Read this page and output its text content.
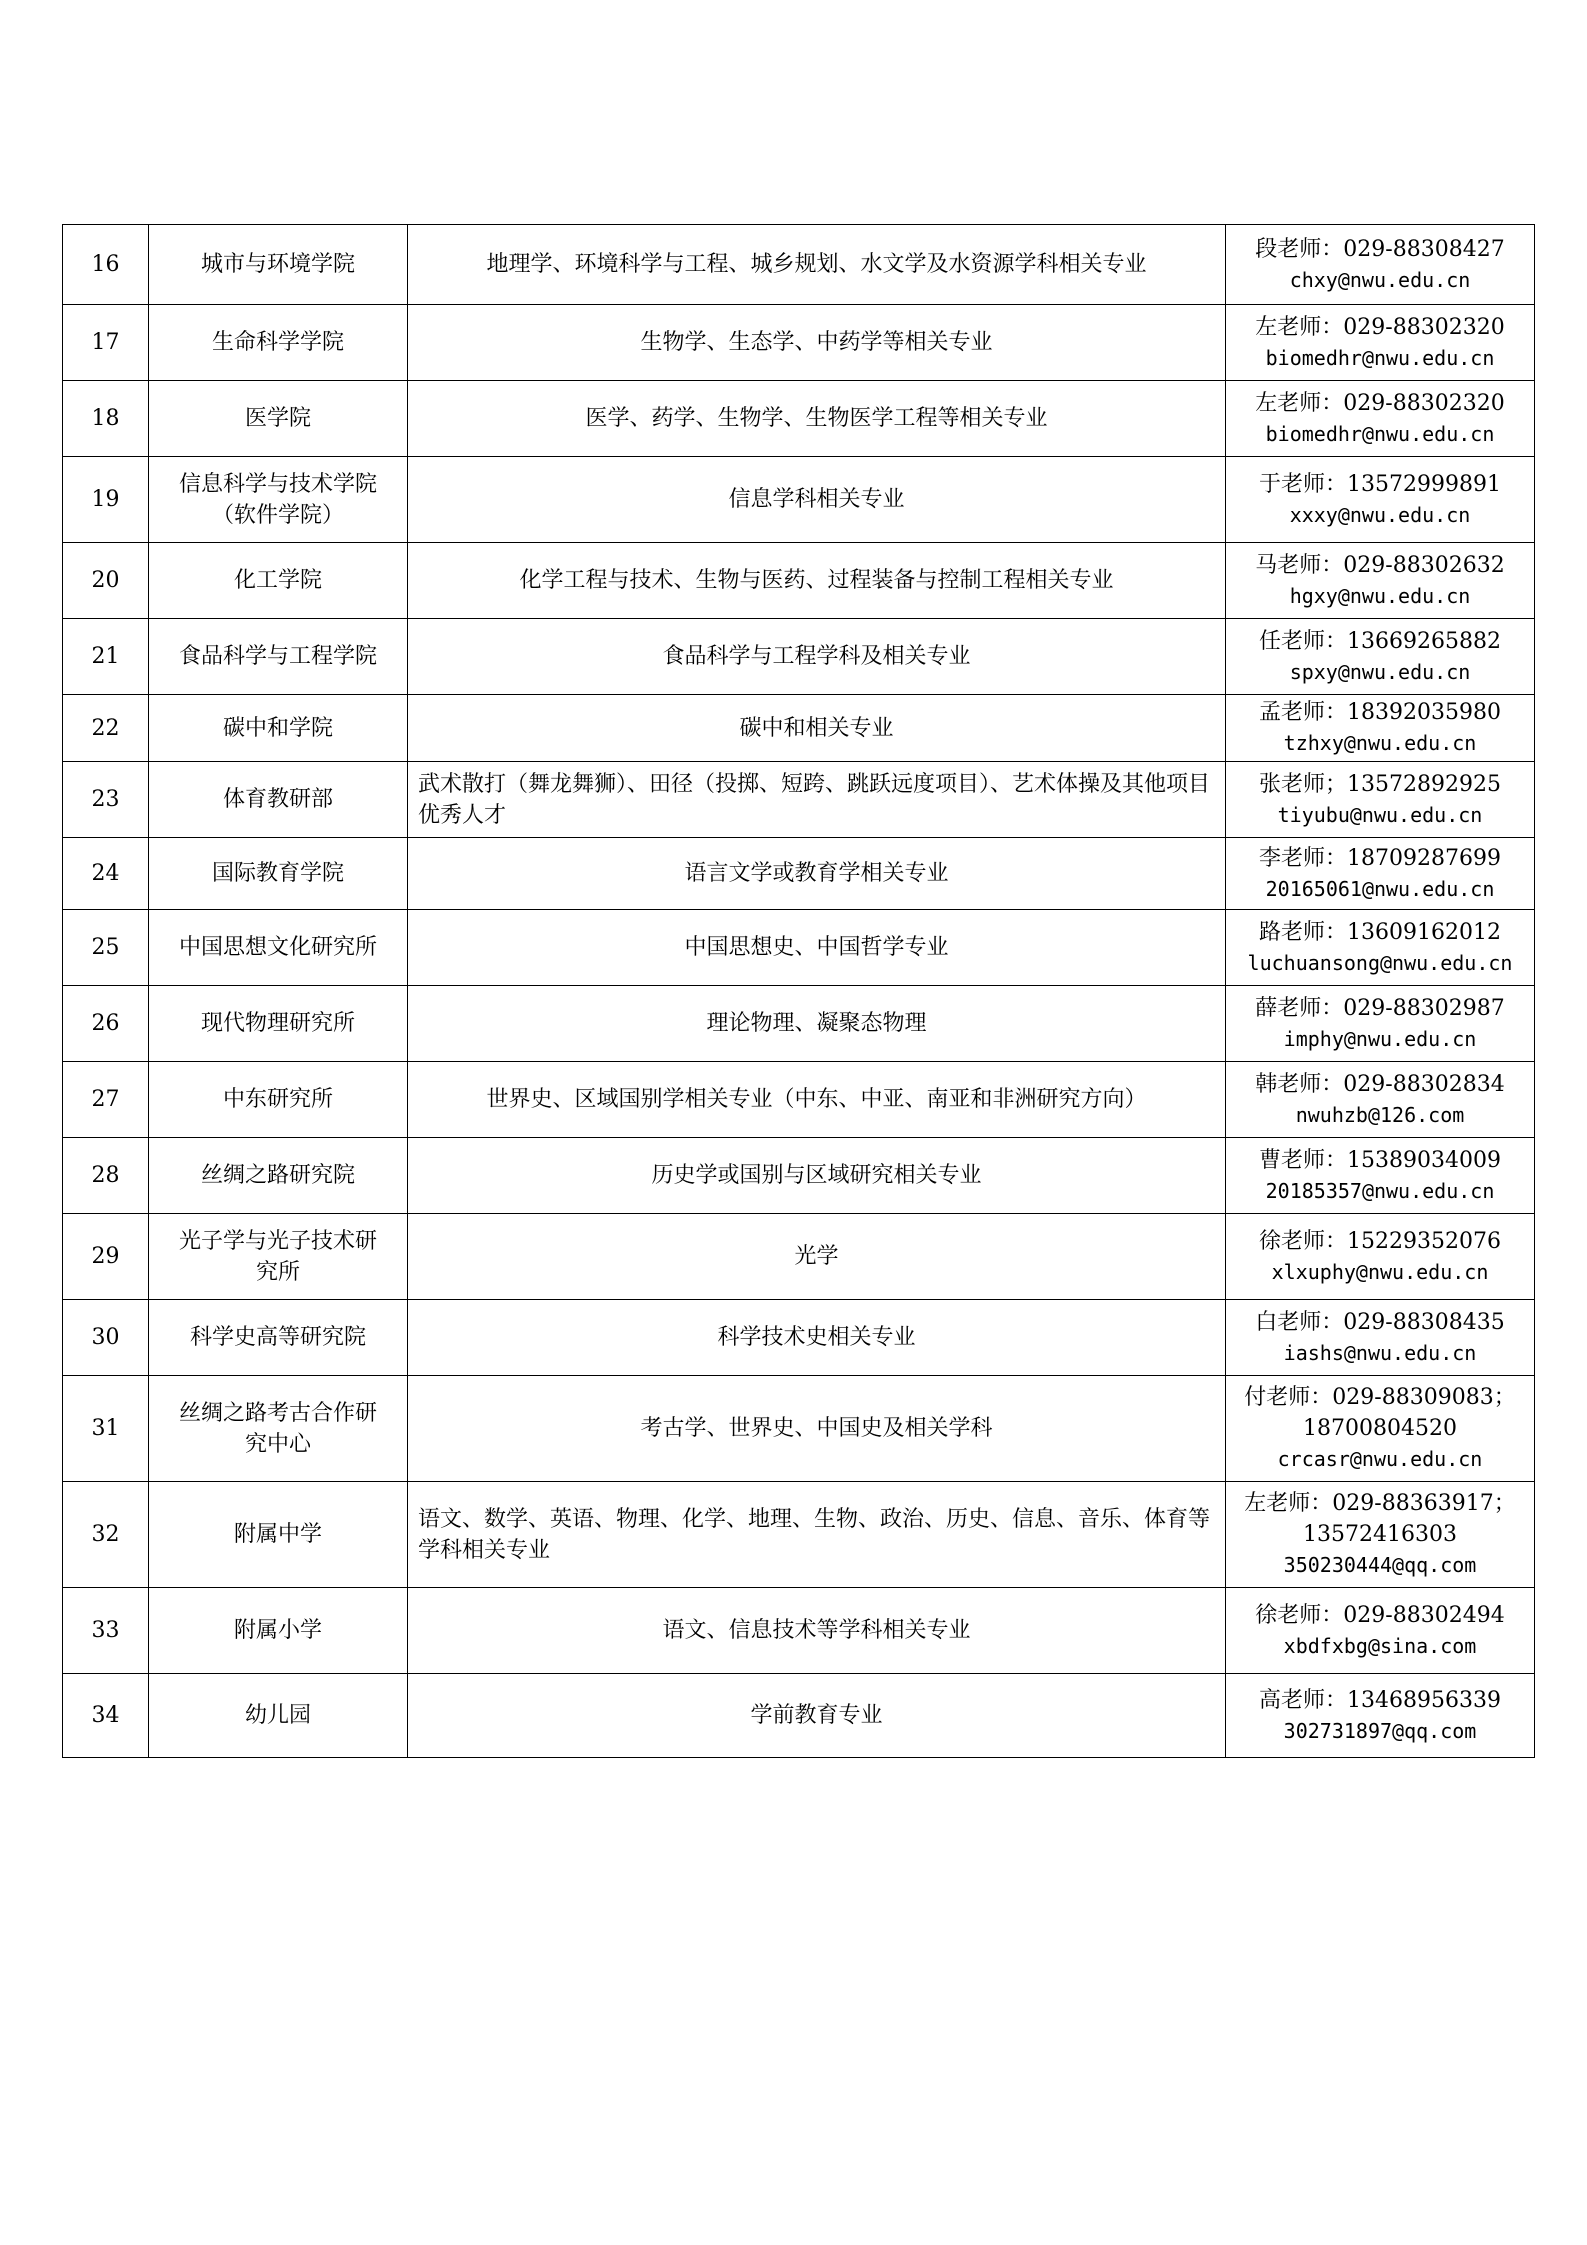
16	城市与环境学院	地理学、环境科学与工程、城乡规划、水文学及水资源学科相关专业	段老师：029-88308427
chxy@nwu.edu.cn

17	生命科学学院	生物学、生态学、中药学等相关专业	左老师：029-88302320
biomedhr@nwu.edu.cn

18	医学院	医学、药学、生物学、生物医学工程等相关专业	左老师：029-88302320
biomedhr@nwu.edu.cn

19	信息科学与技术学院
（软件学院）	信息学科相关专业	于老师：13572999891
xxxy@nwu.edu.cn

20	化工学院	化学工程与技术、生物与医药、过程装备与控制工程相关专业	马老师：029-88302632
hgxy@nwu.edu.cn

21	食品科学与工程学院	食品科学与工程学科及相关专业	任老师：13669265882
spxy@nwu.edu.cn

22	碳中和学院	碳中和相关专业	孟老师：18392035980
tzhxy@nwu.edu.cn

23	体育教研部	武术散打（舞龙舞狮）、田径（投掷、短跨、跳跃远度项目）、艺术体操及其他项目优秀人才	张老师；13572892925
tiyubu@nwu.edu.cn

24	国际教育学院	语言文学或教育学相关专业	李老师：18709287699
20165061@nwu.edu.cn

25	中国思想文化研究所	中国思想史、中国哲学专业	路老师：13609162012
luchuansong@nwu.edu.cn

26	现代物理研究所	理论物理、凝聚态物理	薛老师：029-88302987
imphy@nwu.edu.cn

27	中东研究所	世界史、区域国别学相关专业（中东、中亚、南亚和非洲研究方向）	韩老师：029-88302834
nwuhzb@126.com

28	丝绸之路研究院	历史学或国别与区域研究相关专业	曹老师：15389034009
20185357@nwu.edu.cn

29	光子学与光子技术研
究所	光学	徐老师：15229352076
xlxuphy@nwu.edu.cn

30	科学史高等研究院	科学技术史相关专业	白老师：029-88308435
iashs@nwu.edu.cn

31	丝绸之路考古合作研
究中心	考古学、世界史、中国史及相关学科	付老师：029-88309083；
18700804520
crcasr@nwu.edu.cn

32	附属中学	语文、数学、英语、物理、化学、地理、生物、政治、历史、信息、音乐、体育等学科相关专业	左老师：029-88363917；
13572416303
350230444@qq.com

33	附属小学	语文、信息技术等学科相关专业	徐老师：029-88302494
xbdfxbg@sina.com

34	幼儿园	学前教育专业	高老师：13468956339
302731897@qq.com
